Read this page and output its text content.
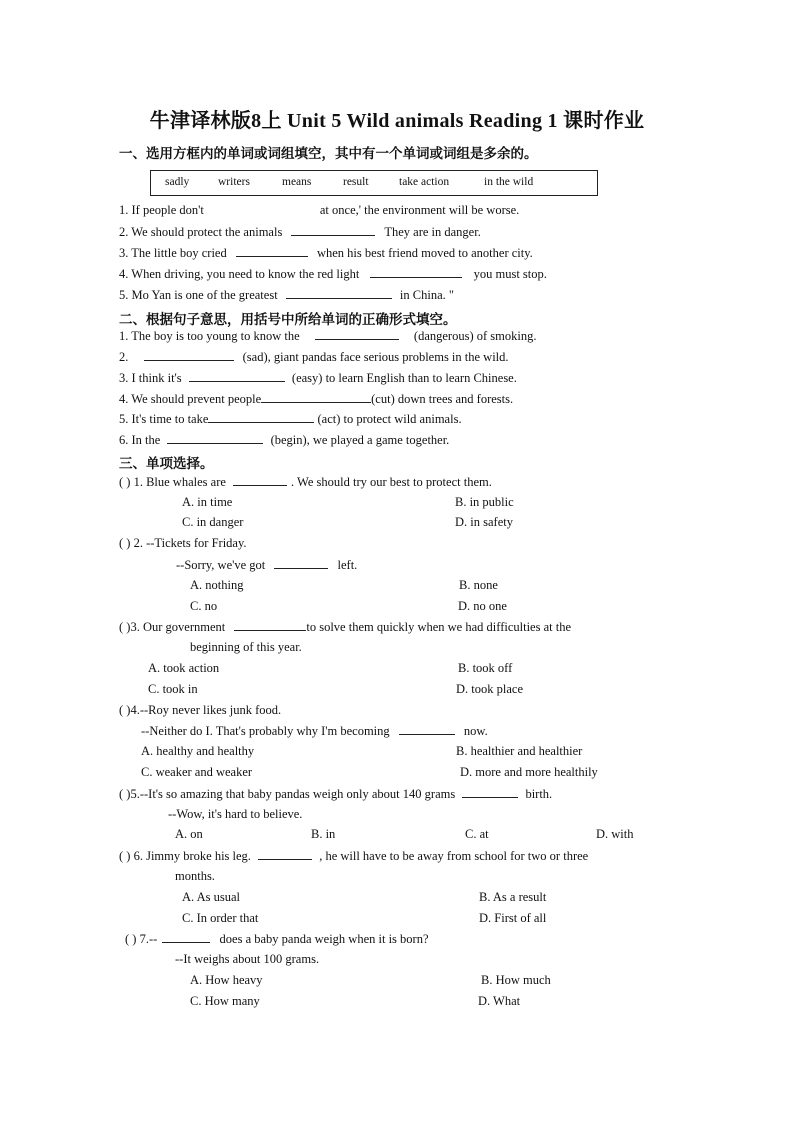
牛津译林版8上 Unit 5 Wild animals Reading 1 课时作业
一、选用方框内的单词或词组填空，其中有一个单词或词组是多余的。
sadly writers	means	result	take action	in the wild
1. If people don't	at once,' the environment will be worse.
2. We should protect the animals	They are in danger.
3. The little boy cried	when his best friend moved to another city.
4. When driving, you need to know the red light	you must stop.
5. Mo Yan is one of the greatest	in China. "
二、根据句子意思，用括号中所给单词的正确形式填空。
1. The boy is too young to know the	(dangerous) of smoking.
2.	(sad), giant pandas face serious problems in the wild.
3. I think it's	(easy) to learn English than to learn Chinese.
4. We should prevent people	(cut) down trees and forests.
5. It's time to take	(act) to protect wild animals.
6. In the	(begin), we played a game together.
三、单项选择。
( ) 1. Blue whales are	. We should try our best to protect them.
A. in time	B. in public
C. in danger	D. in safety
( ) 2. --Tickets for Friday.
--Sorry, we've got	left.
A. nothing	B. none
C. no	D. no one
( )3. Our government	to solve them quickly when we had difficulties at the
beginning of this year.
A. took action	B. took off
C. took in	D. took place
( )4.--Roy never likes junk food.
--Neither do I. That's probably why I'm becoming	now.
A. healthy and healthy	B. healthier and healthier
C. weaker and weaker	D. more and more healthily
( )5.--It's so amazing that baby pandas weigh only about 140 grams	birth.
--Wow, it's hard to believe.
A. on	B. in	C. at	D. with
( ) 6. Jimmy broke his leg.	, he will have to be away from school for two or three
months.
A. As usual	B. As a result
C. In order that	D. First of all
( ) 7.--	does a baby panda weigh when it is born?
--It weighs about 100 grams.
A. How heavy	B. How much
C. How many	D. What
